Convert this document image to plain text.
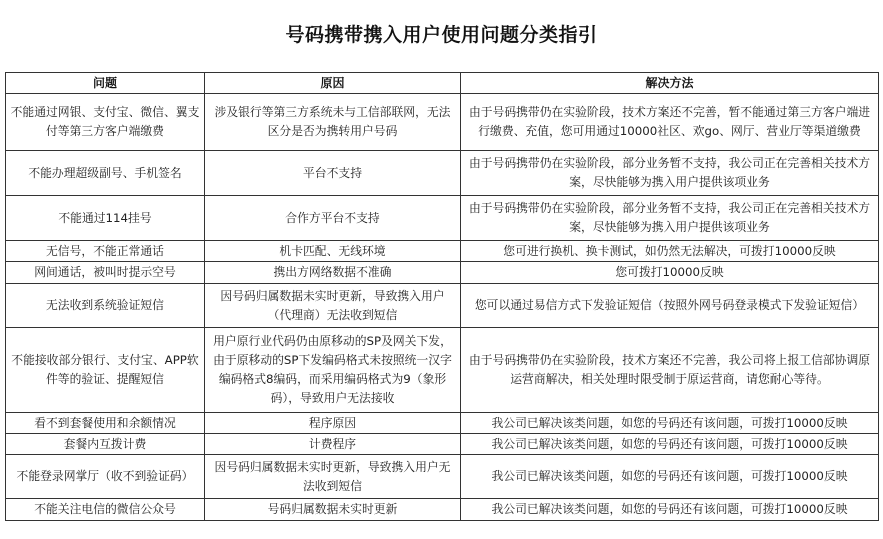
号码携带携入用户使用问题分类指引
问题	原因	解决方法
不能通过网银、支付宝、微信、翼支付等第三方客户端缴费	涉及银行等第三方系统未与工信部联网，无法区分是否为携转用户号码	由于号码携带仍在实验阶段，技术方案还不完善，暂不能通过第三方客户端进行缴费、充值，您可用通过10000社区、欢go、网厅、营业厅等渠道缴费
不能办理超级副号、手机签名	平台不支持	由于号码携带仍在实验阶段，部分业务暂不支持，我公司正在完善相关技术方案，尽快能够为携入用户提供该项业务
不能通过114挂号	合作方平台不支持	由于号码携带仍在实验阶段，部分业务暂不支持，我公司正在完善相关技术方案，尽快能够为携入用户提供该项业务
无信号，不能正常通话	机卡匹配、无线环境	您可进行换机、换卡测试，如仍然无法解决，可拨打10000反映
网间通话，被叫时提示空号	携出方网络数据不准确	您可拨打10000反映
无法收到系统验证短信	因号码归属数据未实时更新，导致携入用户（代理商）无法收到短信	您可以通过易信方式下发验证短信（按照外网号码登录模式下发验证短信）
不能接收部分银行、支付宝、APP软件等的验证、提醒短信	用户原行业代码仍由原移动的SP及网关下发，由于原移动的SP下发编码格式未按照统一汉字编码格式8编码，而采用编码格式为9（象形码），导致用户无法接收	由于号码携带仍在实验阶段，技术方案还不完善，我公司将上报工信部协调原运营商解决，相关处理时限受制于原运营商，请您耐心等待。
看不到套餐使用和余额情况	程序原因	我公司已解决该类问题，如您的号码还有该问题，可拨打10000反映
套餐内互拨计费	计费程序	我公司已解决该类问题，如您的号码还有该问题，可拨打10000反映
不能登录网掌厅（收不到验证码）	因号码归属数据未实时更新，导致携入用户无法收到短信	我公司已解决该类问题，如您的号码还有该问题，可拨打10000反映
不能关注电信的微信公众号	号码归属数据未实时更新	我公司已解决该类问题，如您的号码还有该问题，可拨打10000反映
